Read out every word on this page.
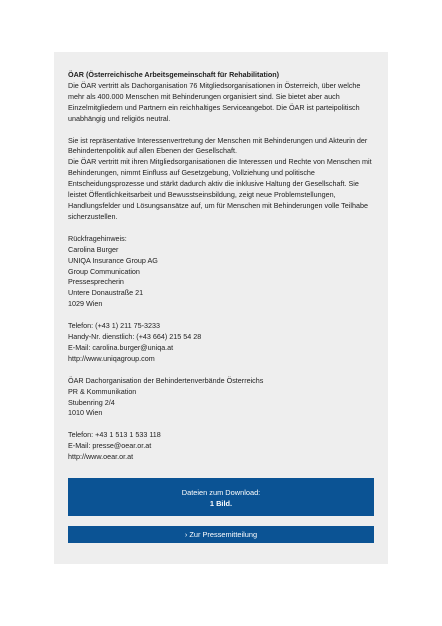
ÖAR (Österreichische Arbeitsgemeinschaft für Rehabilitation)

Die ÖAR vertritt als Dachorganisation 76 Mitgliedsorganisationen in Österreich, über welche mehr als 400.000 Menschen mit Behinderungen organisiert sind. Sie bietet aber auch Einzelmitgliedern und Partnern ein reichhaltiges Serviceangebot. Die ÖAR ist parteipolitisch unabhängig und religiös neutral.

Sie ist repräsentative Interessenvertretung der Menschen mit Behinderungen und Akteurin der Behindertenpolitik auf allen Ebenen der Gesellschaft.

Die ÖAR vertritt mit ihren Mitgliedsorganisationen die Interessen und Rechte von Menschen mit Behinderungen, nimmt Einfluss auf Gesetzgebung, Vollziehung und politische Entscheidungsprozesse und stärkt dadurch aktiv die inklusive Haltung der Gesellschaft. Sie leistet Öffentlichkeitsarbeit und Bewusstseinsbildung, zeigt neue Problemstellungen, Handlungsfelder und Lösungsansätze auf, um für Menschen mit Behinderungen volle Teilhabe sicherzustellen.

Rückfragehinweis:
Carolina Burger
UNIQA Insurance Group AG
Group Communication
Pressesprecherin
Untere Donaustraße 21
1029 Wien
Telefon: (+43 1) 211 75-3233
Handy-Nr. dienstlich: (+43 664) 215 54 28
E-Mail: carolina.burger@uniqa.at
http://www.uniqagroup.com
ÖAR Dachorganisation der Behindertenverbände Österreichs
PR & Kommunikation
Stubenring 2/4
1010 Wien
Telefon: +43 1 513 1 533 118
E-Mail: presse@oear.or.at
http://www.oear.or.at
Dateien zum Download:
1 Bild.
› Zur Pressemitteilung
